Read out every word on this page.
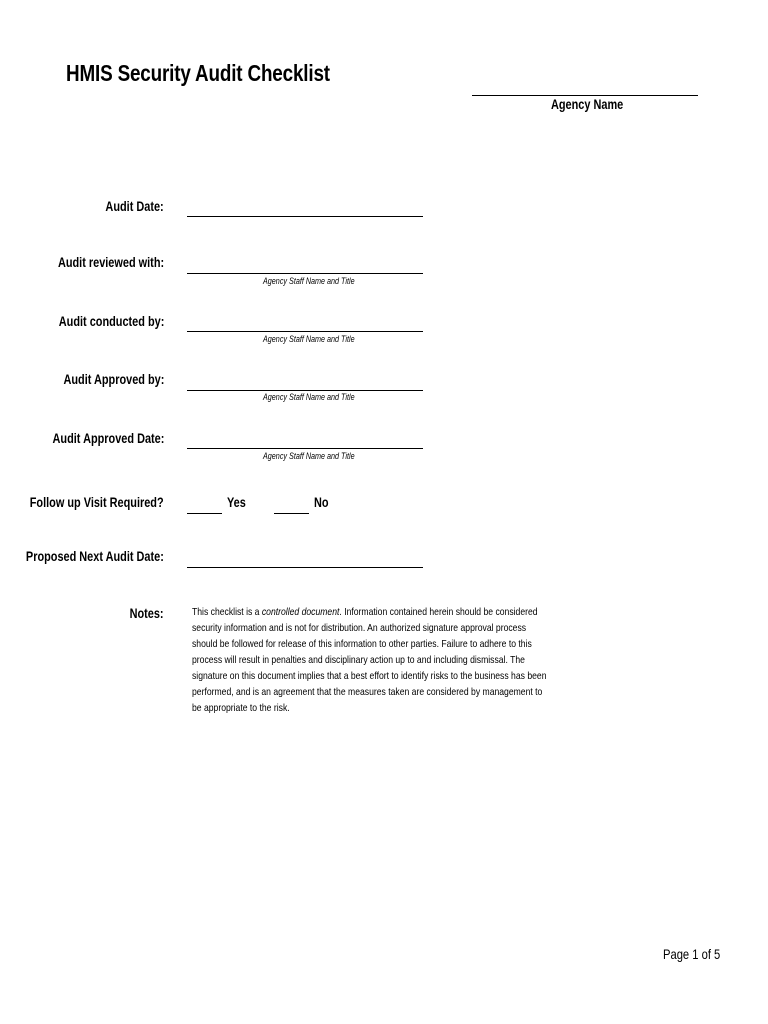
HMIS Security Audit Checklist
Agency Name
Audit Date:
Audit reviewed with:
Agency Staff Name and Title
Audit conducted by:
Agency Staff Name and Title
Audit Approved by:
Agency Staff Name and Title
Audit Approved Date:
Agency Staff Name and Title
Follow up Visit Required?	Yes	No
Proposed Next Audit Date:
Notes:	This checklist is a controlled document. Information contained herein should be considered security information and is not for distribution. An authorized signature approval process should be followed for release of this information to other parties. Failure to adhere to this process will result in penalties and disciplinary action up to and including dismissal. The signature on this document implies that a best effort to identify risks to the business has been performed, and is an agreement that the measures taken are considered by management to be appropriate to the risk.
Page 1 of 5
